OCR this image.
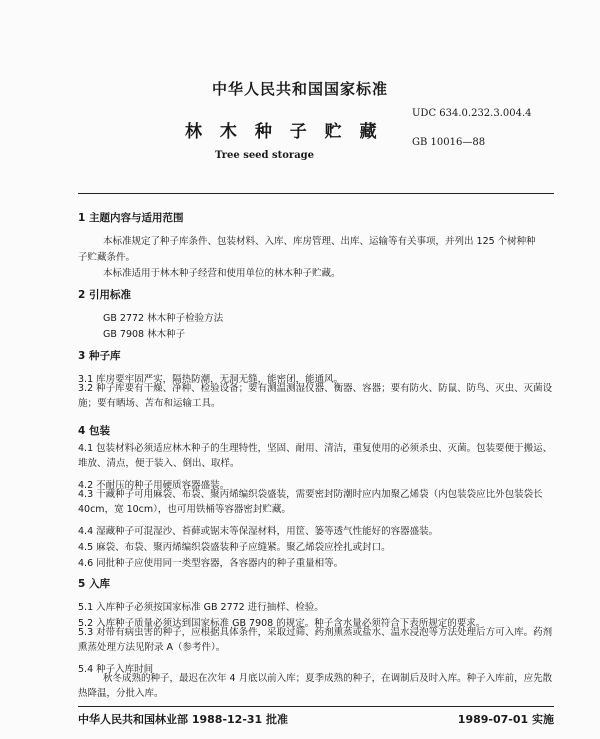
中华人民共和国国家标准
林 木 种 子 贮 藏
Tree seed storage
UDC 634.0.232.3.004.4
GB 10016—88
1 主题内容与适用范围
本标准规定了种子库条件、包装材料、入库、库房管理、出库、运输等有关事项，并列出 125 个树种种
子贮藏条件。
本标准适用于林木种子经营和使用单位的林木种子贮藏。
2 引用标准
GB 2772 林木种子检验方法
GB 7908 林木种子
3 种子库
3.1 库房要牢固严实，隔热防潮，无洞无缝，能密闭，能通风。
3.2 种子库要有干燥、净种、检验设备；要有测温测湿仪器、衡器、容器；要有防火、防鼠、防鸟、灭虫、灭菌设施；要有晒场、苫布和运输工具。
4 包装
4.1 包装材料必须适应林木种子的生理特性，坚固、耐用、清洁，重复使用的必须杀虫、灭菌。包装要便于搬运、堆放、清点，便于装入、倒出、取样。
4.2 不耐压的种子用硬质容器盛装。
4.3 干藏种子可用麻袋、布袋、聚丙烯编织袋盛装，需要密封防潮时应内加聚乙烯袋（内包装袋应比外包装袋长 40cm，宽 10cm），也可用铁桶等容器密封贮藏。
4.4 湿藏种子可混湿沙、苔藓或锯末等保湿材料，用筐、篓等透气性能好的容器盛装。
4.5 麻袋、布袋、聚丙烯编织袋盛装种子应缝紧。聚乙烯袋应拴扎或封口。
4.6 同批种子应使用同一类型容器，各容器内的种子重量相等。
5 入库
5.1 入库种子必须按国家标准 GB 2772 进行抽样、检验。
5.2 入库种子质量必须达到国家标准 GB 7908 的规定。种子含水量必须符合下表所规定的要求。
5.3 对带有病虫害的种子，应根据具体条件，采取过筛、药剂熏蒸或盐水、温水浸泡等方法处理后方可入库。药剂熏蒸处理方法见附录 A（参考件）。
5.4 种子入库时间
秋冬成熟的种子，最迟在次年 4 月底以前入库；夏季成熟的种子，在调制后及时入库。种子入库前，应先散热降温，分批入库。
中华人民共和国林业部 1988-12-31 批准	1989-07-01 实施
